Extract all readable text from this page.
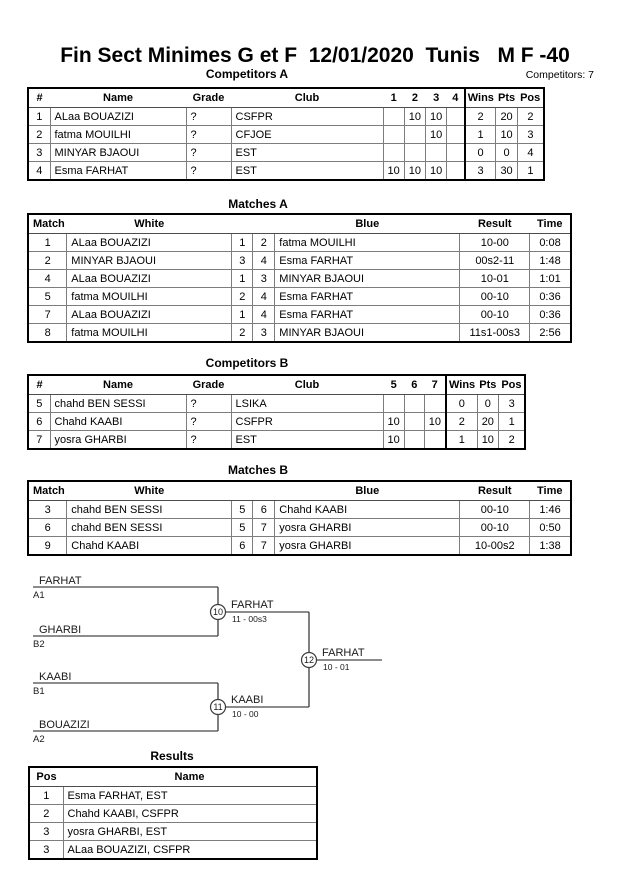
Fin Sect Minimes G et F  12/01/2020  Tunis   M F -40
Competitors A	Competitors: 7
#	Name	Grade	Club	1	2	3	4	Wins	Pts	Pos
1	ALaa BOUAZIZI	?	CSFPR		10	10		2	20	2
2	fatma MOUILHI	?	CFJOE			10		1	10	3
3	MINYAR BJAOUI	?	EST					0	0	4
4	Esma FARHAT	?	EST	10	10	10		3	30	1
Matches A
Match	White			Blue	Result	Time
1	ALaa BOUAZIZI	1	2	fatma MOUILHI	10-00	0:08
2	MINYAR BJAOUI	3	4	Esma FARHAT	00s2-11	1:48
4	ALaa BOUAZIZI	1	3	MINYAR BJAOUI	10-01	1:01
5	fatma MOUILHI	2	4	Esma FARHAT	00-10	0:36
7	ALaa BOUAZIZI	1	4	Esma FARHAT	00-10	0:36
8	fatma MOUILHI	2	3	MINYAR BJAOUI	11s1-00s3	2:56
Competitors B
#	Name	Grade	Club	5	6	7	Wins	Pts	Pos
5	chahd BEN SESSI	?	LSIKA				0	0	3
6	Chahd KAABI	?	CSFPR	10		10	2	20	1
7	yosra GHARBI	?	EST	10			1	10	2
Matches B
Match	White			Blue	Result	Time
3	chahd BEN SESSI	5	6	Chahd KAABI	00-10	1:46
6	chahd BEN SESSI	5	7	yosra GHARBI	00-10	0:50
9	Chahd KAABI	6	7	yosra GHARBI	10-00s2	1:38
FARHAT
A1
GHARBI
B2
KAABI
B1
BOUAZIZI
A2
10
FARHAT
11 - 00s3
11
KAABI
10 - 00
12
FARHAT
10 - 01
Results
Pos	Name
1	Esma FARHAT, EST
2	Chahd KAABI, CSFPR
3	yosra GHARBI, EST
3	ALaa BOUAZIZI, CSFPR
